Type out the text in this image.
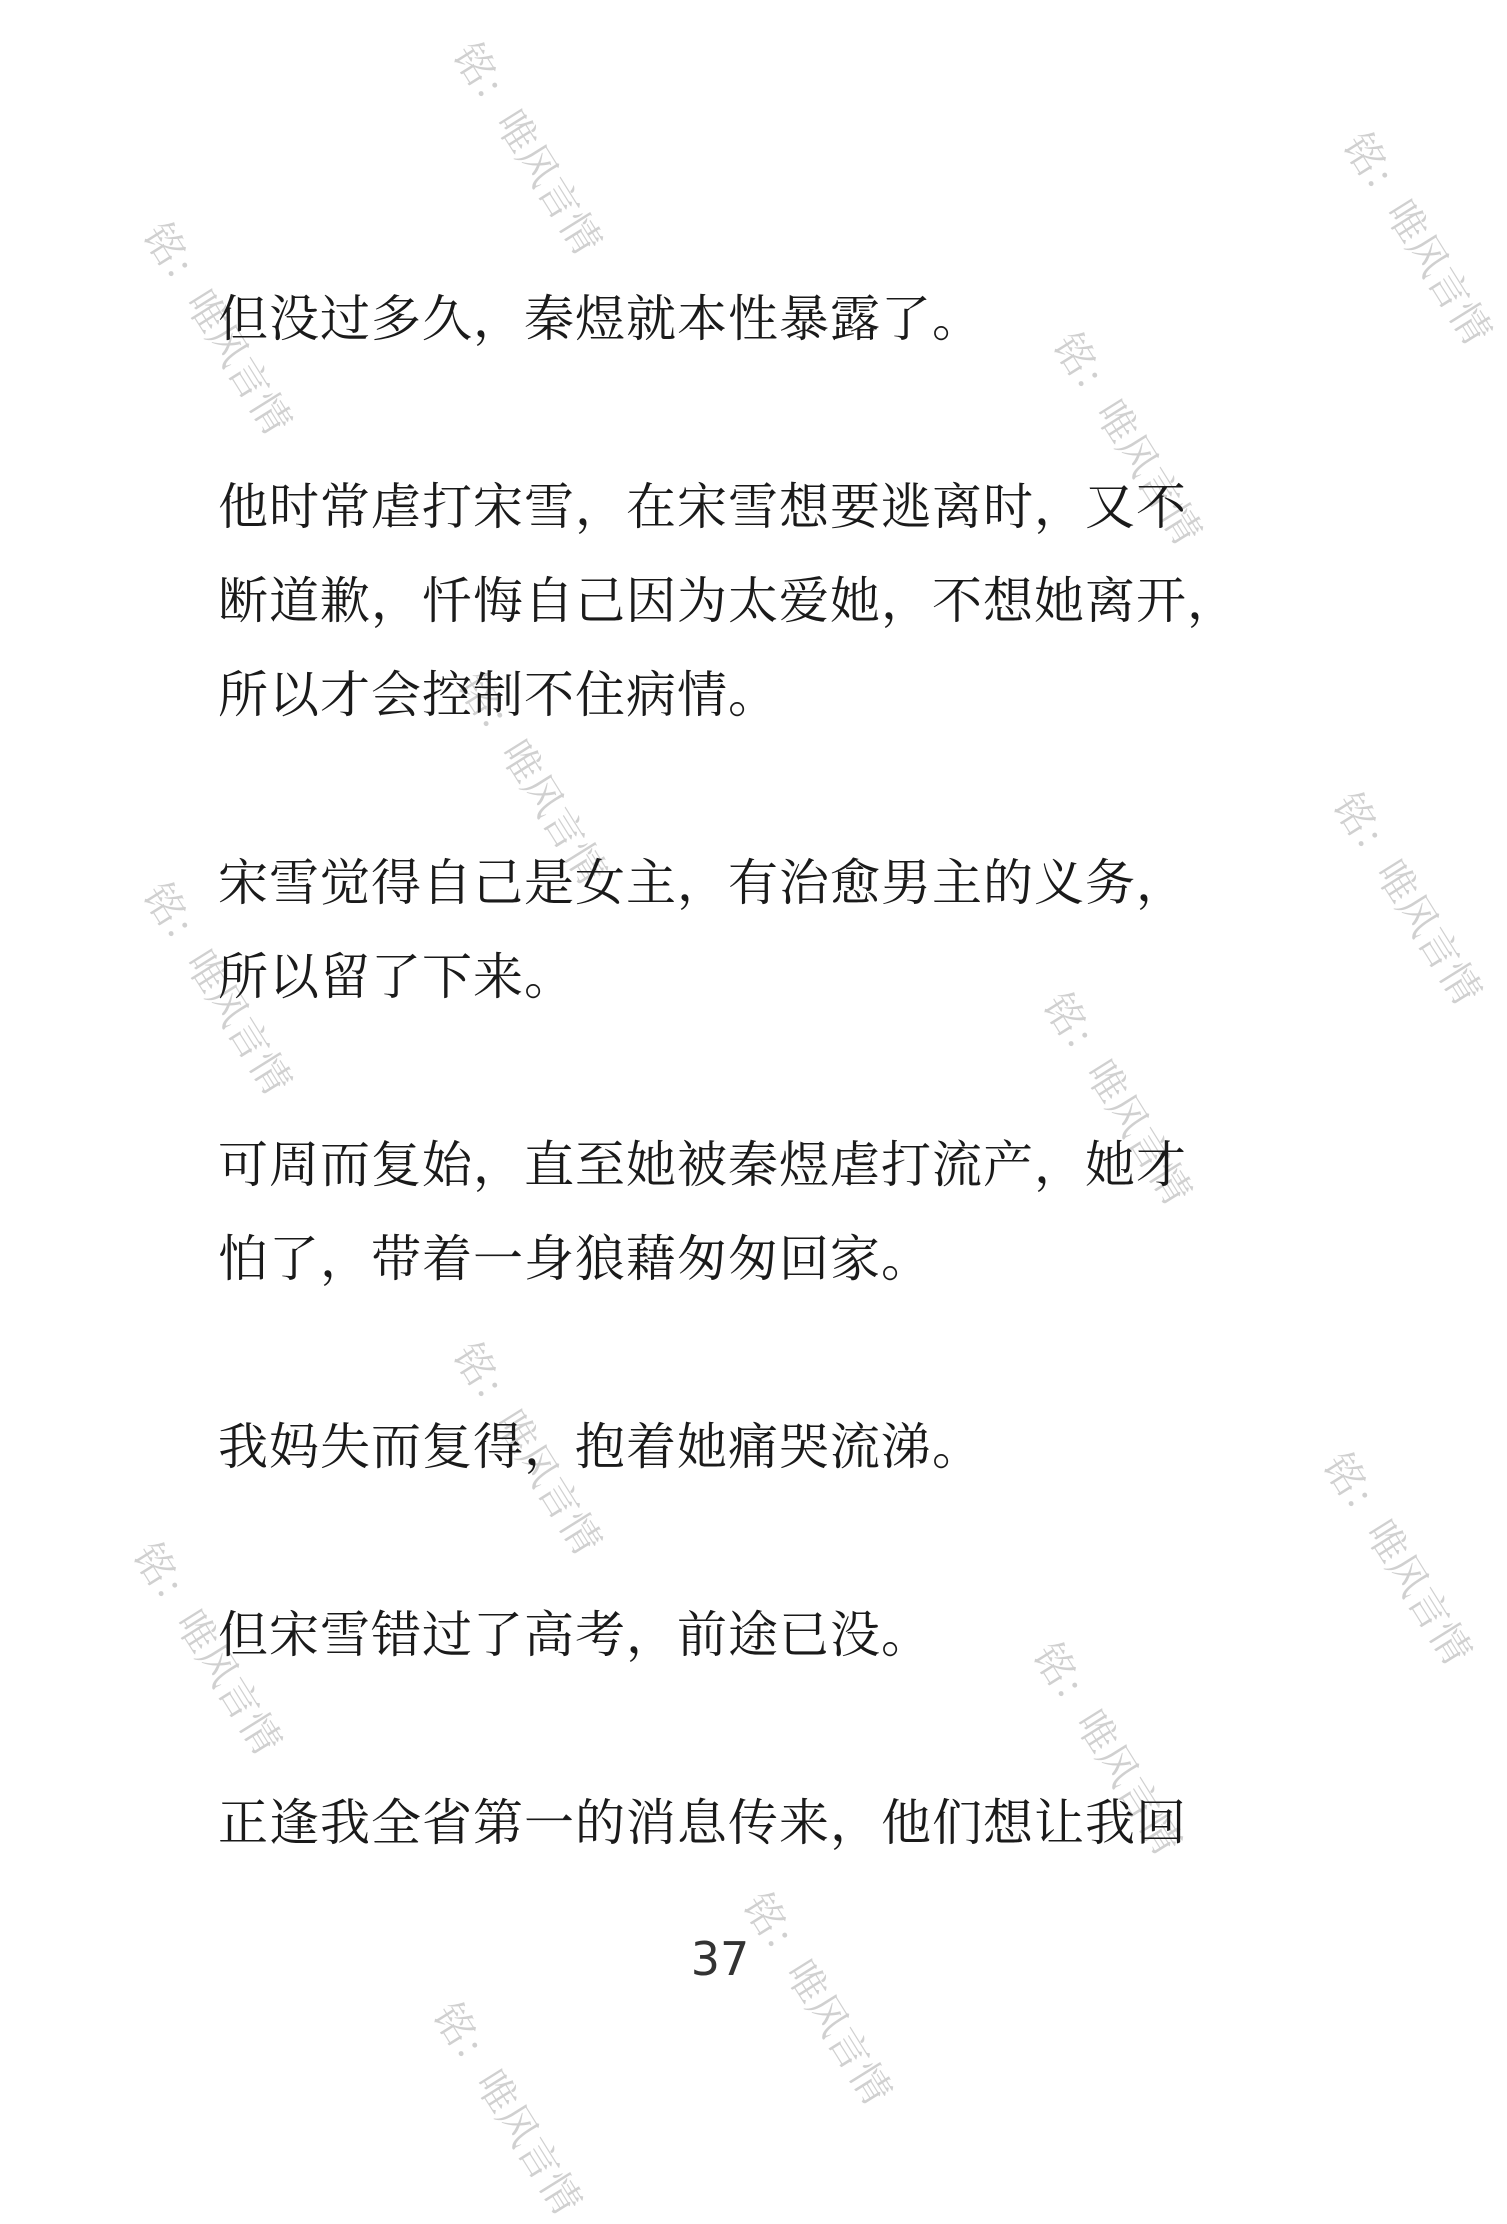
铭：唯风言情
铭：唯风言情	铭：唯风言情
铭：唯风言情
铭：唯风言情
铭：唯风言情	铭：唯风言情
铭：唯风言情
铭：唯风言情
铭：唯风言情	铭：唯风言情
铭：唯风言情
铭：唯风言情
铭：唯风言情

但没过多久，秦煜就本性暴露了。

他时常虐打宋雪，在宋雪想要逃离时，又不

断道歉，忏悔自己因为太爱她，不想她离开，

所以才会控制不住病情。

宋雪觉得自己是女主，有治愈男主的义务，

所以留了下来。

可周而复始，直至她被秦煜虐打流产，她才

怕了，带着一身狼藉匆匆回家。

我妈失而复得，抱着她痛哭流涕。

但宋雪错过了高考，前途已没。

正逢我全省第一的消息传来，他们想让我回

37
